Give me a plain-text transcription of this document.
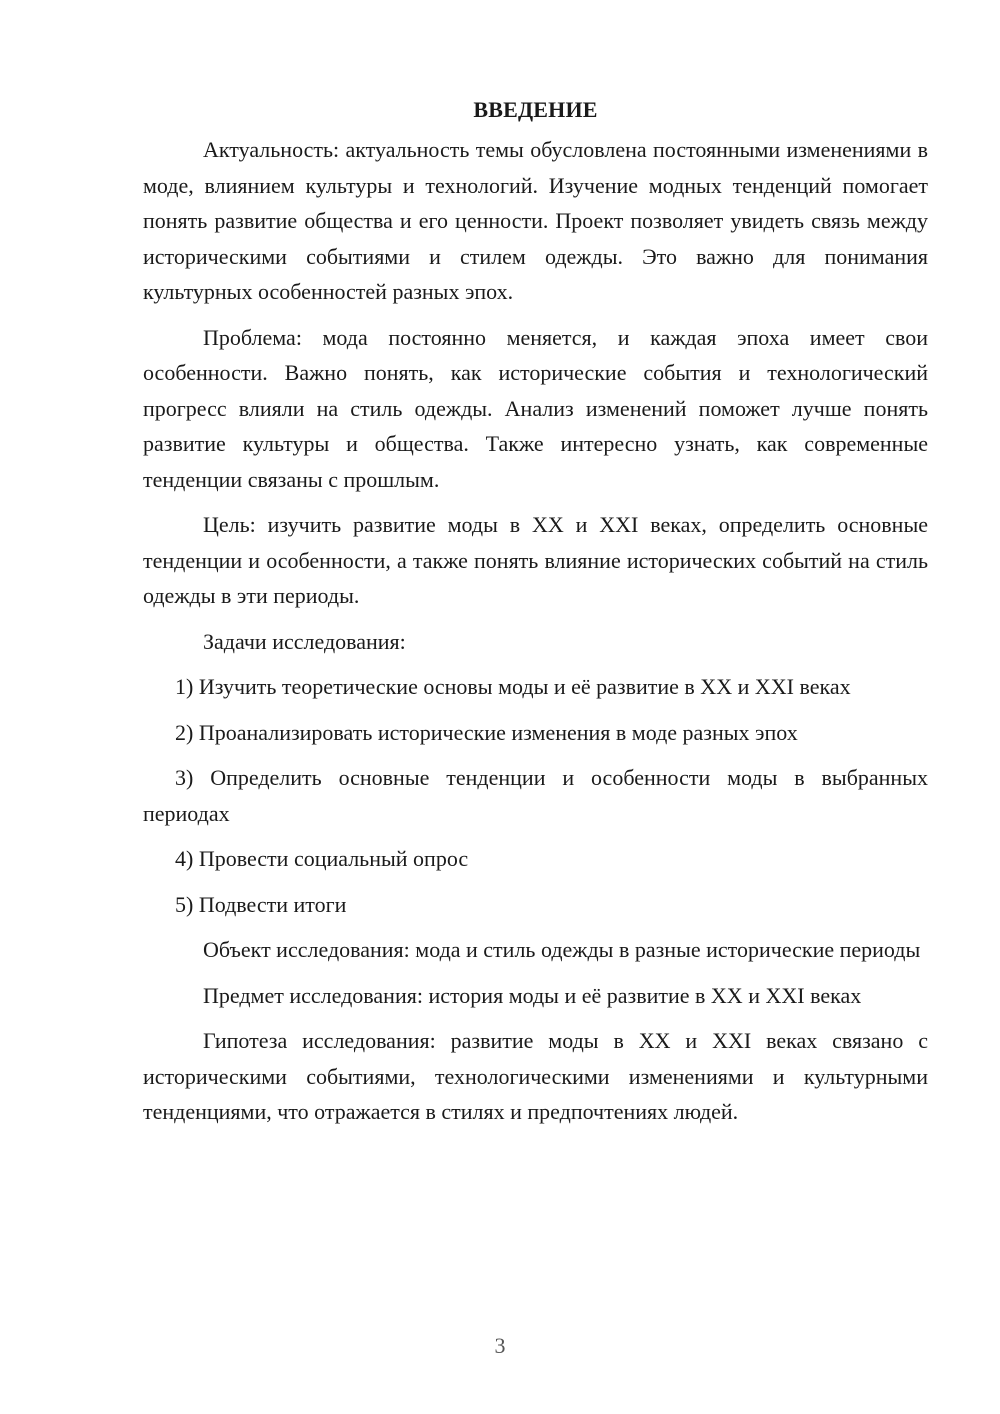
ВВЕДЕНИЕ

Актуальность: актуальность темы обусловлена постоянными изменениями в моде, влиянием культуры и технологий. Изучение модных тенденций помогает понять развитие общества и его ценности. Проект позволяет увидеть связь между историческими событиями и стилем одежды. Это важно для понимания культурных особенностей разных эпох.

Проблема: мода постоянно меняется, и каждая эпоха имеет свои особенности. Важно понять, как исторические события и технологический прогресс влияли на стиль одежды. Анализ изменений поможет лучше понять развитие культуры и общества. Также интересно узнать, как современные тенденции связаны с прошлым.

Цель: изучить развитие моды в XX и XXI веках, определить основные тенденции и особенности, а также понять влияние исторических событий на стиль одежды в эти периоды.

Задачи исследования:

1) Изучить теоретические основы моды и её развитие в XX и XXI веках

2) Проанализировать исторические изменения в моде разных эпох

3) Определить основные тенденции и особенности моды в выбранных периодах

4) Провести социальный опрос

5) Подвести итоги

Объект исследования: мода и стиль одежды в разные исторические периоды

Предмет исследования: история моды и её развитие в XX и XXI веках

Гипотеза исследования: развитие моды в XX и XXI веках связано с историческими событиями, технологическими изменениями и культурными тенденциями, что отражается в стилях и предпочтениях людей.

3
